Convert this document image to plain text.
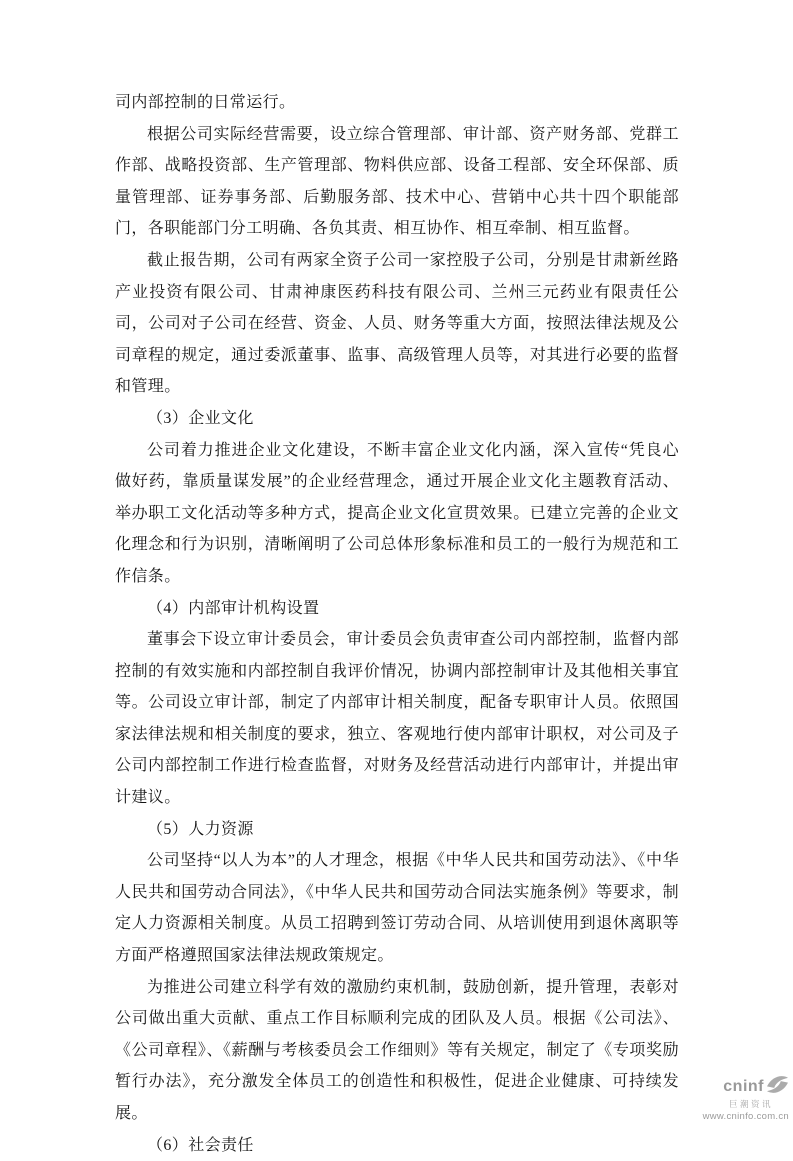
司内部控制的日常运行。

根据公司实际经营需要，设立综合管理部、审计部、资产财务部、党群工作部、战略投资部、生产管理部、物料供应部、设备工程部、安全环保部、质量管理部、证券事务部、后勤服务部、技术中心、营销中心共十四个职能部门，各职能部门分工明确、各负其责、相互协作、相互牵制、相互监督。

截止报告期，公司有两家全资子公司一家控股子公司，分别是甘肃新丝路产业投资有限公司、甘肃神康医药科技有限公司、兰州三元药业有限责任公司，公司对子公司在经营、资金、人员、财务等重大方面，按照法律法规及公司章程的规定，通过委派董事、监事、高级管理人员等，对其进行必要的监督和管理。

（3）企业文化

公司着力推进企业文化建设，不断丰富企业文化内涵，深入宣传“凭良心做好药，靠质量谋发展”的企业经营理念，通过开展企业文化主题教育活动、举办职工文化活动等多种方式，提高企业文化宣贯效果。已建立完善的企业文化理念和行为识别，清晰阐明了公司总体形象标准和员工的一般行为规范和工作信条。

（4）内部审计机构设置

董事会下设立审计委员会，审计委员会负责审查公司内部控制，监督内部控制的有效实施和内部控制自我评价情况，协调内部控制审计及其他相关事宜等。公司设立审计部，制定了内部审计相关制度，配备专职审计人员。依照国家法律法规和相关制度的要求，独立、客观地行使内部审计职权，对公司及子公司内部控制工作进行检查监督，对财务及经营活动进行内部审计，并提出审计建议。

（5）人力资源

公司坚持“以人为本”的人才理念，根据《中华人民共和国劳动法》、《中华人民共和国劳动合同法》，《中华人民共和国劳动合同法实施条例》等要求，制定人力资源相关制度。从员工招聘到签订劳动合同、从培训使用到退休离职等方面严格遵照国家法律法规政策规定。

为推进公司建立科学有效的激励约束机制，鼓励创新，提升管理，表彰对公司做出重大贡献、重点工作目标顺利完成的团队及人员。根据《公司法》、《公司章程》、《薪酬与考核委员会工作细则》等有关规定，制定了《专项奖励暂行办法》，充分激发全体员工的创造性和积极性，促进企业健康、可持续发展。

（6）社会责任

cninf
巨潮资讯
www.cninfo.com.cn
